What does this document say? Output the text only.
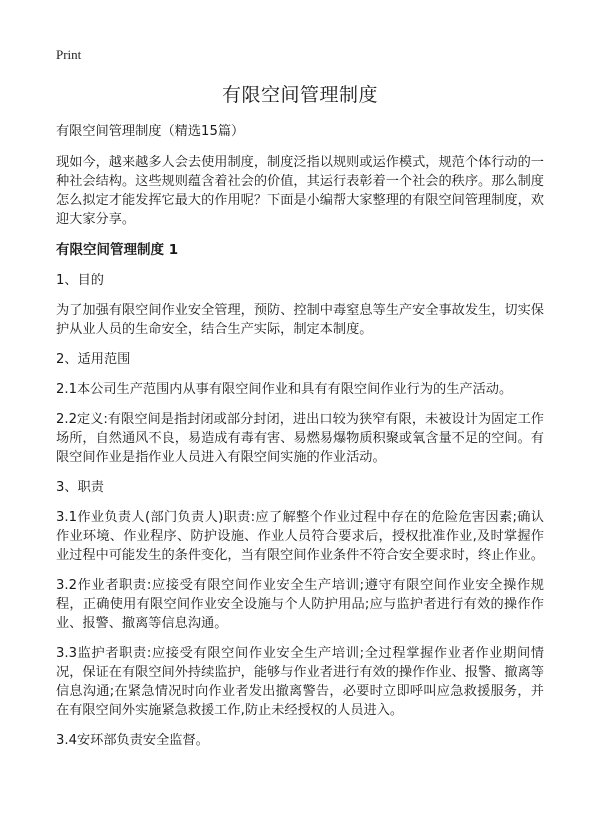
Print
有限空间管理制度

有限空间管理制度（精选15篇）

现如今，越来越多人会去使用制度，制度泛指以规则或运作模式，规范个体行动的一种社会结构。这些规则蕴含着社会的价值，其运行表彰着一个社会的秩序。那么制度怎么拟定才能发挥它最大的作用呢？下面是小编帮大家整理的有限空间管理制度，欢迎大家分享。

有限空间管理制度 1

1、目的

为了加强有限空间作业安全管理，预防、控制中毒窒息等生产安全事故发生，切实保护从业人员的生命安全，结合生产实际，制定本制度。

2、适用范围

2.1本公司生产范围内从事有限空间作业和具有有限空间作业行为的生产活动。

2.2定义:有限空间是指封闭或部分封闭，进出口较为狭窄有限，未被设计为固定工作场所，自然通风不良，易造成有毒有害、易燃易爆物质积聚或氧含量不足的空间。有限空间作业是指作业人员进入有限空间实施的作业活动。

3、职责

3.1作业负责人(部门负责人)职责:应了解整个作业过程中存在的危险危害因素;确认作业环境、作业程序、防护设施、作业人员符合要求后，授权批准作业,及时掌握作业过程中可能发生的条件变化，当有限空间作业条件不符合安全要求时，终止作业。

3.2作业者职责:应接受有限空间作业安全生产培训;遵守有限空间作业安全操作规程，正确使用有限空间作业安全设施与个人防护用品;应与监护者进行有效的操作作业、报警、撤离等信息沟通。

3.3监护者职责:应接受有限空间作业安全生产培训;全过程掌握作业者作业期间情况，保证在有限空间外持续监护，能够与作业者进行有效的操作作业、报警、撤离等信息沟通;在紧急情况时向作业者发出撤离警告，必要时立即呼叫应急救援服务，并在有限空间外实施紧急救援工作,防止未经授权的人员进入。

3.4安环部负责安全监督。
